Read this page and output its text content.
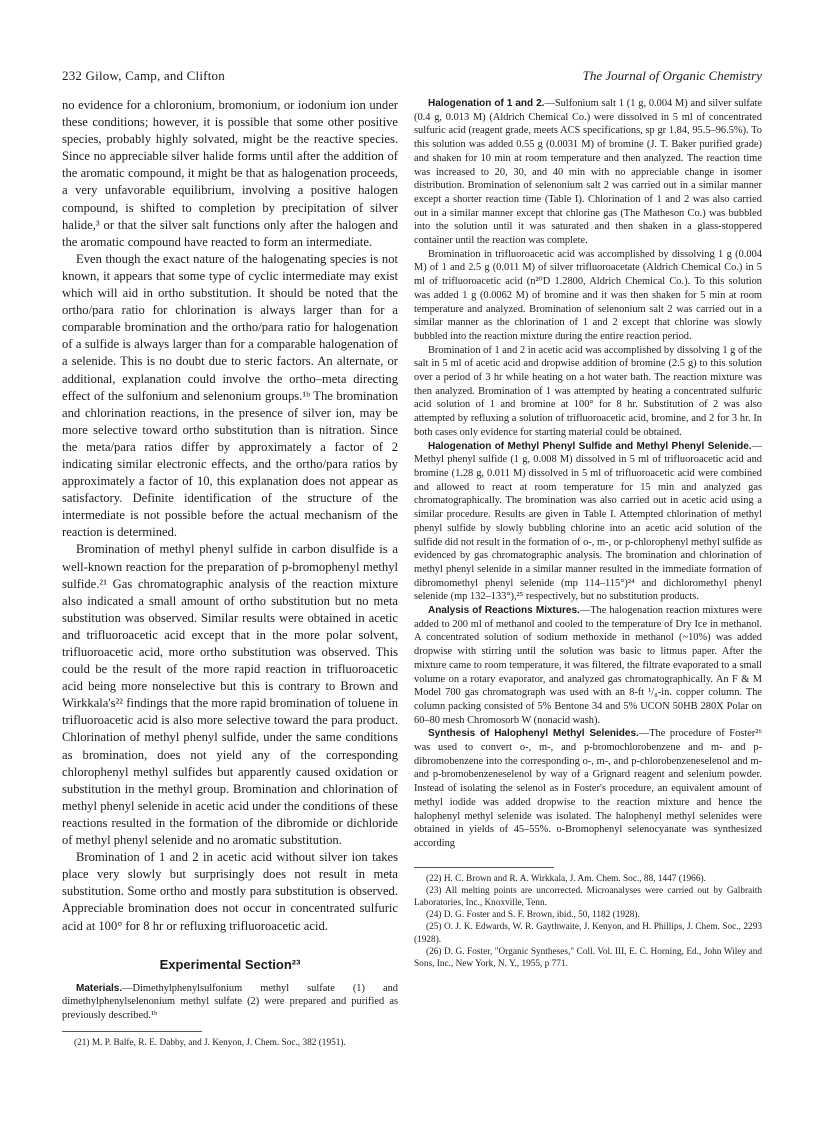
232 Gilow, Camp, and Clifton	The Journal of Organic Chemistry

no evidence for a chloronium, bromonium, or iodonium ion under these conditions; however, it is possible that some other positive species, probably highly solvated, might be the reactive species. Since no appreciable silver halide forms until after the addition of the aromatic compound, it might be that as halogenation proceeds, a very unfavorable equilibrium, involving a positive halogen compound, is shifted to completion by precipitation of silver halide,³ or that the silver salt functions only after the halogen and the aromatic compound have reacted to form an intermediate.

Even though the exact nature of the halogenating species is not known, it appears that some type of cyclic intermediate may exist which will aid in ortho substitution. It should be noted that the ortho/para ratio for chlorination is always larger than for a comparable bromination and the ortho/para ratio for halogenation of a sulfide is always larger than for a comparable halogenation of a selenide. This is no doubt due to steric factors. An alternate, or additional, explanation could involve the ortho–meta directing effect of the sulfonium and selenonium groups.¹ᵇ The bromination and chlorination reactions, in the presence of silver ion, may be more selective toward ortho substitution than is nitration. Since the meta/para ratios differ by approximately a factor of 2 indicating similar electronic effects, and the ortho/para ratios by approximately a factor of 10, this explanation does not appear as satisfactory. Definite identification of the structure of the intermediate is not possible before the actual mechanism of the reaction is determined.

Bromination of methyl phenyl sulfide in carbon disulfide is a well-known reaction for the preparation of p-bromophenyl methyl sulfide.²¹ Gas chromatographic analysis of the reaction mixture also indicated a small amount of ortho substitution but no meta substitution was observed. Similar results were obtained in acetic and trifluoroacetic acid except that in the more polar solvent, trifluoroacetic acid, more ortho substitution was observed. This could be the result of the more rapid reaction in trifluoroacetic acid being more nonselective but this is contrary to Brown and Wirkkala's²² findings that the more rapid bromination of toluene in trifluoroacetic acid is also more selective toward the para product. Chlorination of methyl phenyl sulfide, under the same conditions as bromination, does not yield any of the corresponding chlorophenyl methyl sulfides but apparently caused oxidation or substitution in the methyl group. Bromination and chlorination of methyl phenyl selenide in acetic acid under the conditions of these reactions resulted in the formation of the dibromide or dichloride of methyl phenyl selenide and no aromatic substitution.

Bromination of 1 and 2 in acetic acid without silver ion takes place very slowly but surprisingly does not result in meta substitution. Some ortho and mostly para substitution is observed. Appreciable bromination does not occur in concentrated sulfuric acid at 100° for 8 hr or refluxing trifluoroacetic acid.

Experimental Section²³

Materials.—Dimethylphenylsulfonium methyl sulfate (1) and dimethylphenylselenonium methyl sulfate (2) were prepared and purified as previously described.¹ᵇ

(21) M. P. Balfe, R. E. Dabby, and J. Kenyon, J. Chem. Soc., 382 (1951).

Halogenation of 1 and 2.—Sulfonium salt 1 (1 g, 0.004 M) and silver sulfate (0.4 g, 0.013 M) (Aldrich Chemical Co.) were dissolved in 5 ml of concentrated sulfuric acid (reagent grade, meets ACS specifications, sp gr 1.84, 95.5–96.5%). To this solution was added 0.55 g (0.0031 M) of bromine (J. T. Baker purified grade) and shaken for 10 min at room temperature and then analyzed. The reaction time was increased to 20, 30, and 40 min with no appreciable change in isomer distribution. Bromination of selenonium salt 2 was carried out in a similar manner except a shorter reaction time (Table I). Chlorination of 1 and 2 was also carried out in a similar manner except that chlorine gas (The Matheson Co.) was bubbled into the solution until it was saturated and then shaken in a glass-stoppered container until the reaction was complete.

Bromination in trifluoroacetic acid was accomplished by dissolving 1 g (0.004 M) of 1 and 2.5 g (0.011 M) of silver trifluoroacetate (Aldrich Chemical Co.) in 5 ml of trifluoroacetic acid (n²⁰D 1.2800, Aldrich Chemical Co.). To this solution was added 1 g (0.0062 M) of bromine and it was then shaken for 5 min at room temperature and analyzed. Bromination of selenonium salt 2 was carried out in a similar manner as the chlorination of 1 and 2 except that chlorine was slowly bubbled into the reaction mixture during the entire reaction period.

Bromination of 1 and 2 in acetic acid was accomplished by dissolving 1 g of the salt in 5 ml of acetic acid and dropwise addition of bromine (2.5 g) to this solution over a period of 3 hr while heating on a hot water bath. The reaction mixture was then analyzed. Bromination of 1 was attempted by heating a concentrated sulfuric acid solution of 1 and bromine at 100° for 8 hr. Substitution of 2 was also attempted by refluxing a solution of trifluoroacetic acid, bromine, and 2 for 3 hr. In both cases only evidence for starting material could be obtained.

Halogenation of Methyl Phenyl Sulfide and Methyl Phenyl Selenide.—Methyl phenyl sulfide (1 g, 0.008 M) dissolved in 5 ml of trifluoroacetic acid and bromine (1.28 g, 0.011 M) dissolved in 5 ml of trifluoroacetic acid were combined and allowed to react at room temperature for 15 min and analyzed gas chromatographically. The bromination was also carried out in acetic acid using a similar procedure. Results are given in Table I. Attempted chlorination of methyl phenyl sulfide by slowly bubbling chlorine into an acetic acid solution of the sulfide did not result in the formation of o-, m-, or p-chlorophenyl methyl sulfide as evidenced by gas chromatographic analysis. The bromination and chlorination of methyl phenyl selenide in a similar manner resulted in the immediate formation of dibromomethyl phenyl selenide (mp 114–115°)²⁴ and dichloromethyl phenyl selenide (mp 132–133°),²⁵ respectively, but no substitution products.

Analysis of Reactions Mixtures.—The halogenation reaction mixtures were added to 200 ml of methanol and cooled to the temperature of Dry Ice in methanol. A concentrated solution of sodium methoxide in methanol (~10%) was added dropwise with stirring until the solution was basic to litmus paper. After the mixture came to room temperature, it was filtered, the filtrate evaporated to a small volume on a rotary evaporator, and analyzed gas chromatographically. An F & M Model 700 gas chromatograph was used with an 8-ft ¹/₈-in. copper column. The column packing consisted of 5% Bentone 34 and 5% UCON 50HB 280X Polar on 60–80 mesh Chromosorb W (nonacid wash).

Synthesis of Halophenyl Methyl Selenides.—The procedure of Foster²⁶ was used to convert o-, m-, and p-bromochlorobenzene and m- and p-dibromobenzene into the corresponding o-, m-, and p-chlorobenzeneselenol and m- and p-bromobenzeneselenol by way of a Grignard reagent and selenium powder. Instead of isolating the selenol as in Foster's procedure, an equivalent amount of methyl iodide was added dropwise to the reaction mixture and hence the halophenyl methyl selenide was isolated. The halophenyl methyl selenides were obtained in yields of 45–55%. o-Bromophenyl selenocyanate was synthesized according

(22) H. C. Brown and R. A. Wirkkala, J. Am. Chem. Soc., 88, 1447 (1966).

(23) All melting points are uncorrected. Microanalyses were carried out by Galbraith Laboratories, Inc., Knoxville, Tenn.

(24) D. G. Foster and S. F. Brown, ibid., 50, 1182 (1928).

(25) O. J. K. Edwards, W. R. Gaythwaite, J. Kenyon, and H. Phillips, J. Chem. Soc., 2293 (1928).

(26) D. G. Foster, "Organic Syntheses," Coll. Vol. III, E. C. Horning, Ed., John Wiley and Sons, Inc., New York, N. Y., 1955, p 771.
